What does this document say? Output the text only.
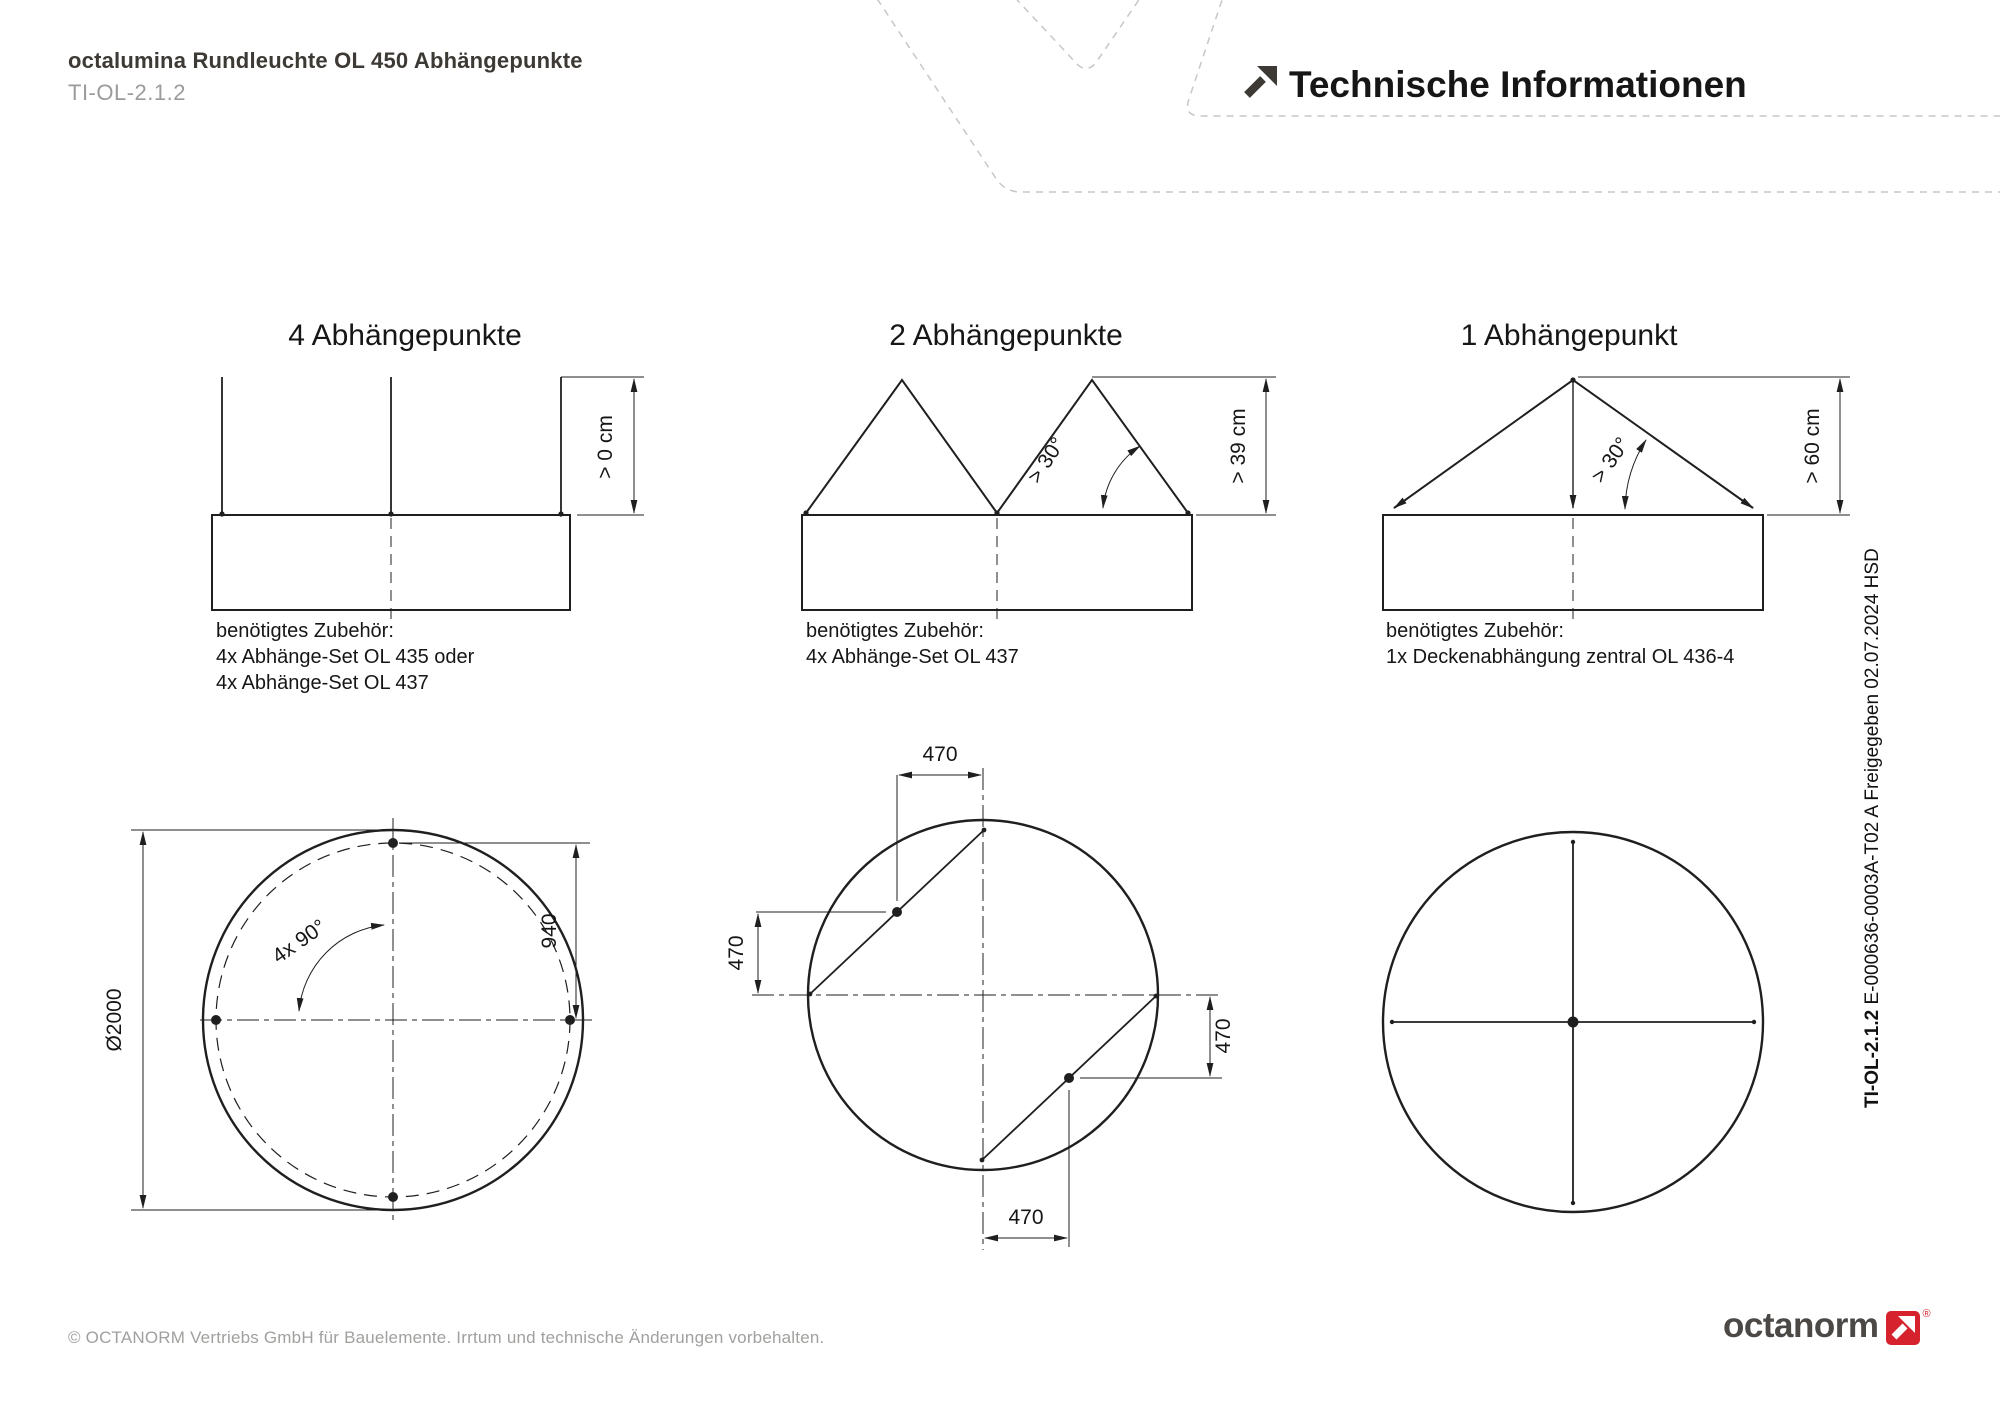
octalumina Rundleuchte OL 450 Abhängepunkte
TI-OL-2.1.2	Technische Informationen
4 Abhängepunkte
> 0 cm
benötigtes Zubehör:
4x Abhänge-Set OL 435 oder
4x Abhänge-Set OL 437
2 Abhängepunkte
> 30°	> 39 cm
benötigtes Zubehör:
4x Abhänge-Set OL 437
1 Abhängepunkt
> 30°	> 60 cm
benötigtes Zubehör:
1x Deckenabhängung zentral OL 436-4
Ø2000
940
4x 90°
470
470
470
470
TI-OL-2.1.2 E-000636-0003A-T02 A Freigegeben 02.07.2024 HSD
© OCTANORM Vertriebs GmbH für Bauelemente. Irrtum und technische Änderungen vorbehalten.	octanorm	®
